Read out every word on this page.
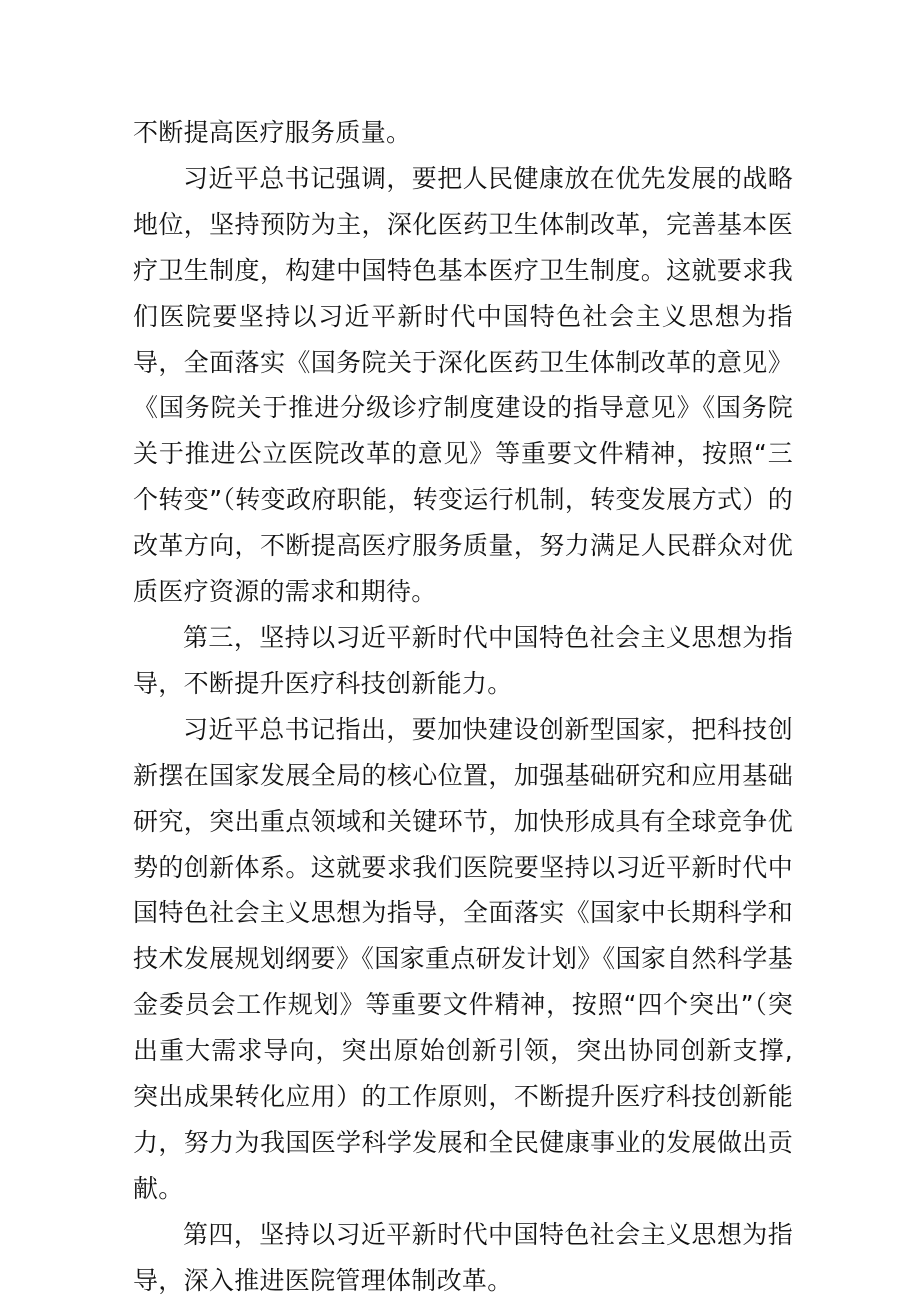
不断提高医疗服务质量。

习近平总书记强调，要把人民健康放在优先发展的战略地位，坚持预防为主，深化医药卫生体制改革，完善基本医疗卫生制度，构建中国特色基本医疗卫生制度。这就要求我们医院要坚持以习近平新时代中国特色社会主义思想为指导，全面落实《国务院关于深化医药卫生体制改革的意见》《国务院关于推进分级诊疗制度建设的指导意见》《国务院关于推进公立医院改革的意见》等重要文件精神，按照“三个转变”（转变政府职能，转变运行机制，转变发展方式）的改革方向，不断提高医疗服务质量，努力满足人民群众对优质医疗资源的需求和期待。

第三，坚持以习近平新时代中国特色社会主义思想为指导，不断提升医疗科技创新能力。

习近平总书记指出，要加快建设创新型国家，把科技创新摆在国家发展全局的核心位置，加强基础研究和应用基础研究，突出重点领域和关键环节，加快形成具有全球竞争优势的创新体系。这就要求我们医院要坚持以习近平新时代中国特色社会主义思想为指导，全面落实《国家中长期科学和技术发展规划纲要》《国家重点研发计划》《国家自然科学基金委员会工作规划》等重要文件精神，按照“四个突出”（突出重大需求导向，突出原始创新引领，突出协同创新支撑,突出成果转化应用）的工作原则，不断提升医疗科技创新能力，努力为我国医学科学发展和全民健康事业的发展做出贡献。

第四，坚持以习近平新时代中国特色社会主义思想为指导，深入推进医院管理体制改革。
